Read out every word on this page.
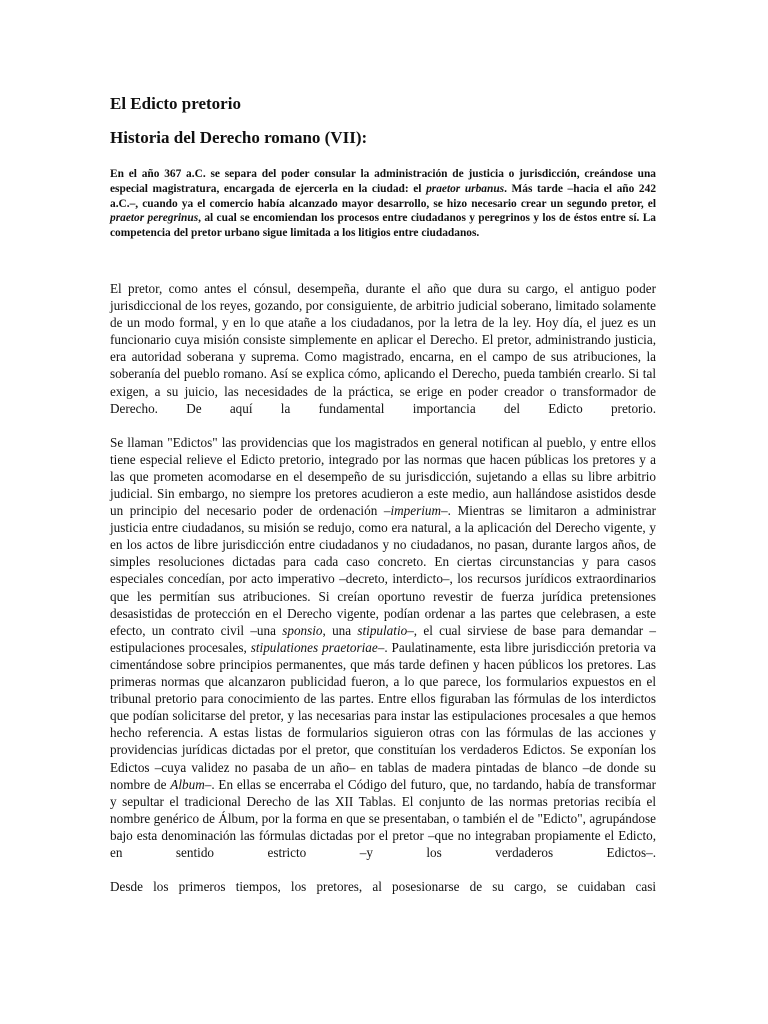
El Edicto pretorio
Historia del Derecho romano (VII):

En el año 367 a.C. se separa del poder consular la administración de justicia o jurisdicción, creándose una especial magistratura, encargada de ejercerla en la ciudad: el praetor urbanus. Más tarde –hacia el año 242 a.C.–, cuando ya el comercio había alcanzado mayor desarrollo, se hizo necesario crear un segundo pretor, el praetor peregrinus, al cual se encomiendan los procesos entre ciudadanos y peregrinos y los de éstos entre sí. La competencia del pretor urbano sigue limitada a los litigios entre ciudadanos.

El pretor, como antes el cónsul, desempeña, durante el año que dura su cargo, el antiguo poder jurisdiccional de los reyes, gozando, por consiguiente, de arbitrio judicial soberano, limitado solamente de un modo formal, y en lo que atañe a los ciudadanos, por la letra de la ley. Hoy día, el juez es un funcionario cuya misión consiste simplemente en aplicar el Derecho. El pretor, administrando justicia, era autoridad soberana y suprema. Como magistrado, encarna, en el campo de sus atribuciones, la soberanía del pueblo romano. Así se explica cómo, aplicando el Derecho, pueda también crearlo. Si tal exigen, a su juicio, las necesidades de la práctica, se erige en poder creador o transformador de Derecho. De aquí la fundamental importancia del Edicto pretorio.

Se llaman "Edictos" las providencias que los magistrados en general notifican al pueblo, y entre ellos tiene especial relieve el Edicto pretorio, integrado por las normas que hacen públicas los pretores y a las que prometen acomodarse en el desempeño de su jurisdicción, sujetando a ellas su libre arbitrio judicial. Sin embargo, no siempre los pretores acudieron a este medio, aun hallándose asistidos desde un principio del necesario poder de ordenación –imperium–. Mientras se limitaron a administrar justicia entre ciudadanos, su misión se redujo, como era natural, a la aplicación del Derecho vigente, y en los actos de libre jurisdicción entre ciudadanos y no ciudadanos, no pasan, durante largos años, de simples resoluciones dictadas para cada caso concreto. En ciertas circunstancias y para casos especiales concedían, por acto imperativo –decreto, interdicto–, los recursos jurídicos extraordinarios que les permitían sus atribuciones. Si creían oportuno revestir de fuerza jurídica pretensiones desasistidas de protección en el Derecho vigente, podían ordenar a las partes que celebrasen, a este efecto, un contrato civil –una sponsio, una stipulatio–, el cual sirviese de base para demandar –estipulaciones procesales, stipulationes praetoriae–. Paulatinamente, esta libre jurisdicción pretoria va cimentándose sobre principios permanentes, que más tarde definen y hacen públicos los pretores. Las primeras normas que alcanzaron publicidad fueron, a lo que parece, los formularios expuestos en el tribunal pretorio para conocimiento de las partes. Entre ellos figuraban las fórmulas de los interdictos que podían solicitarse del pretor, y las necesarias para instar las estipulaciones procesales a que hemos hecho referencia. A estas listas de formularios siguieron otras con las fórmulas de las acciones y providencias jurídicas dictadas por el pretor, que constituían los verdaderos Edictos. Se exponían los Edictos –cuya validez no pasaba de un año– en tablas de madera pintadas de blanco –de donde su nombre de Album–. En ellas se encerraba el Código del futuro, que, no tardando, había de transformar y sepultar el tradicional Derecho de las XII Tablas. El conjunto de las normas pretorias recibía el nombre genérico de Álbum, por la forma en que se presentaban, o también el de "Edicto", agrupándose bajo esta denominación las fórmulas dictadas por el pretor –que no integraban propiamente el Edicto, en sentido estricto –y los verdaderos Edictos–.

Desde los primeros tiempos, los pretores, al posesionarse de su cargo, se cuidaban casi
